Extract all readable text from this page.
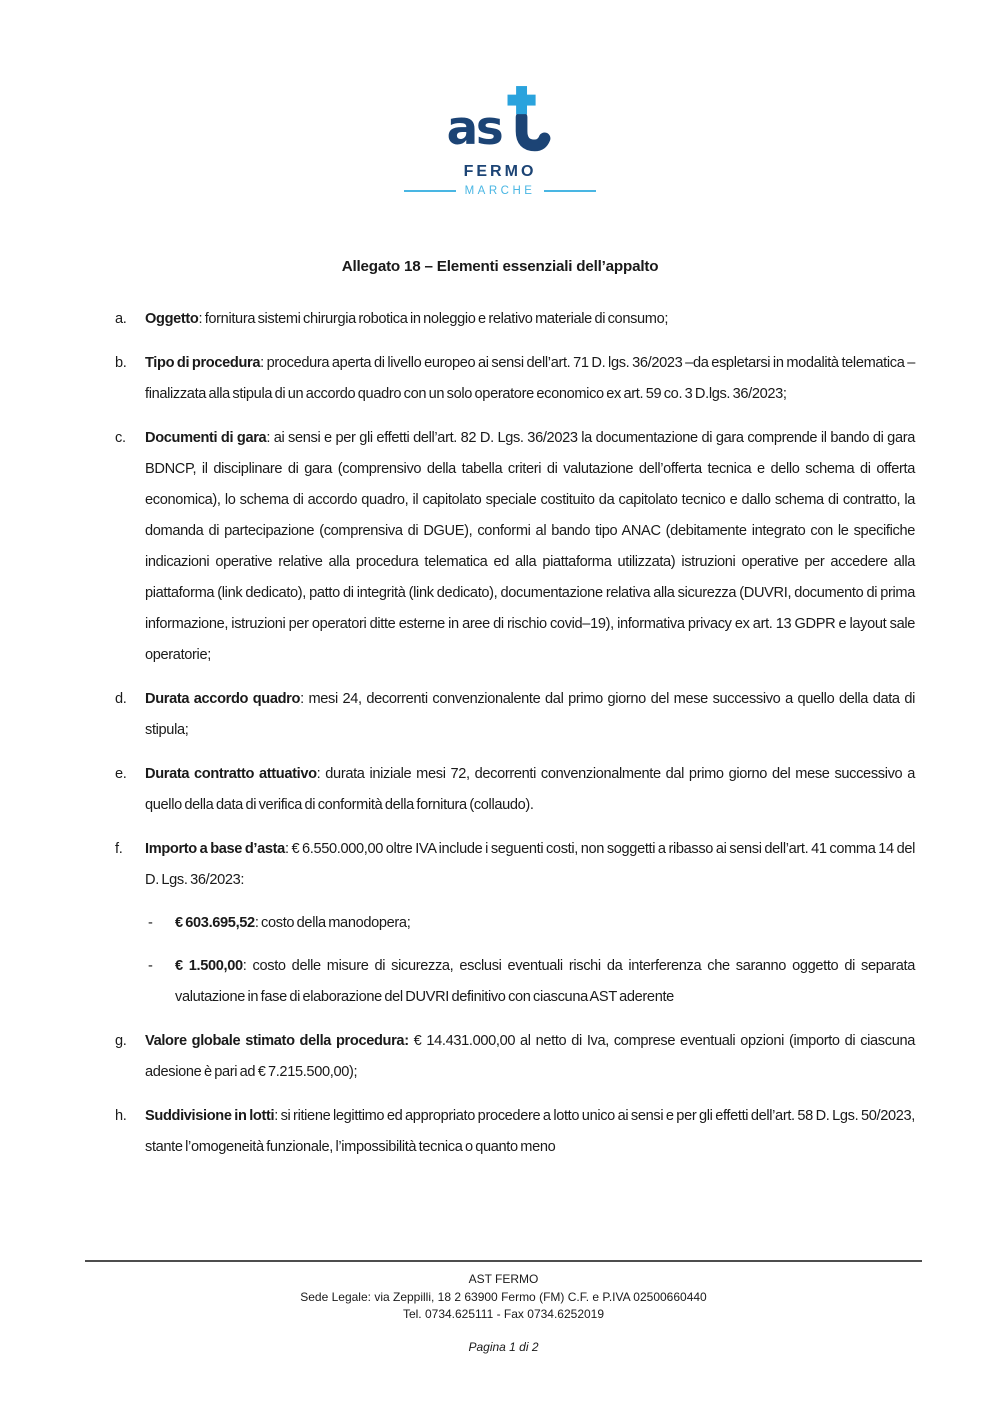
as
FERMO
MARCHE
Allegato 18 – Elementi essenziali dell’appalto
a.	Oggetto: fornitura sistemi chirurgia robotica in noleggio e relativo materiale di consumo;

b.	Tipo di procedura: procedura aperta di livello europeo ai sensi dell’art. 71 D. lgs. 36/2023 –da espletarsi in modalità telematica –finalizzata alla stipula di un accordo quadro con un solo operatore economico ex art. 59 co. 3 D.lgs. 36/2023;

c.	Documenti di gara: ai sensi e per gli effetti dell’art. 82 D. Lgs. 36/2023 la documentazione di gara comprende il bando di gara BDNCP, il disciplinare di gara (comprensivo della tabella criteri di valutazione dell’offerta tecnica e dello schema di offerta economica), lo schema di accordo quadro, il capitolato speciale costituito da capitolato tecnico e dallo schema di contratto, la domanda di partecipazione (comprensiva di DGUE), conformi al bando tipo ANAC (debitamente integrato con le specifiche indicazioni operative relative alla procedura telematica ed alla piattaforma utilizzata) istruzioni operative per accedere alla piattaforma (link dedicato), patto di integrità (link dedicato), documentazione relativa alla sicurezza (DUVRI, documento di prima informazione, istruzioni per operatori ditte esterne in aree di rischio covid–19), informativa privacy ex art. 13 GDPR e layout sale operatorie;

d.	Durata accordo quadro: mesi 24, decorrenti convenzionalente dal primo giorno del mese successivo a quello della data di stipula;

e.	Durata contratto attuativo: durata iniziale mesi 72, decorrenti convenzionalmente dal primo giorno del mese successivo a quello della data di verifica di conformità della fornitura (collaudo).

f.	Importo a base d’asta: € 6.550.000,00 oltre IVA include i seguenti costi, non soggetti a ribasso ai sensi dell’art. 41 comma 14 del D. Lgs. 36/2023:

-	€ 603.695,52: costo della manodopera;
-	€ 1.500,00: costo delle misure di sicurezza, esclusi eventuali rischi da interferenza che saranno oggetto di separata valutazione in fase di elaborazione del DUVRI definitivo con ciascuna AST aderente
g.	Valore globale stimato della procedura: € 14.431.000,00 al netto di Iva, comprese eventuali opzioni (importo di ciascuna adesione è pari ad € 7.215.500,00);

h.	Suddivisione in lotti: si ritiene legittimo ed appropriato procedere a lotto unico ai sensi e per gli effetti dell’art. 58 D. Lgs. 50/2023, stante l’omogeneità funzionale, l’impossibilità tecnica o quanto meno

AST FERMO
Sede Legale: via Zeppilli, 18 2 63900 Fermo (FM) C.F. e P.IVA 02500660440
Tel. 0734.625111 - Fax 0734.6252019
Pagina 1 di 2
